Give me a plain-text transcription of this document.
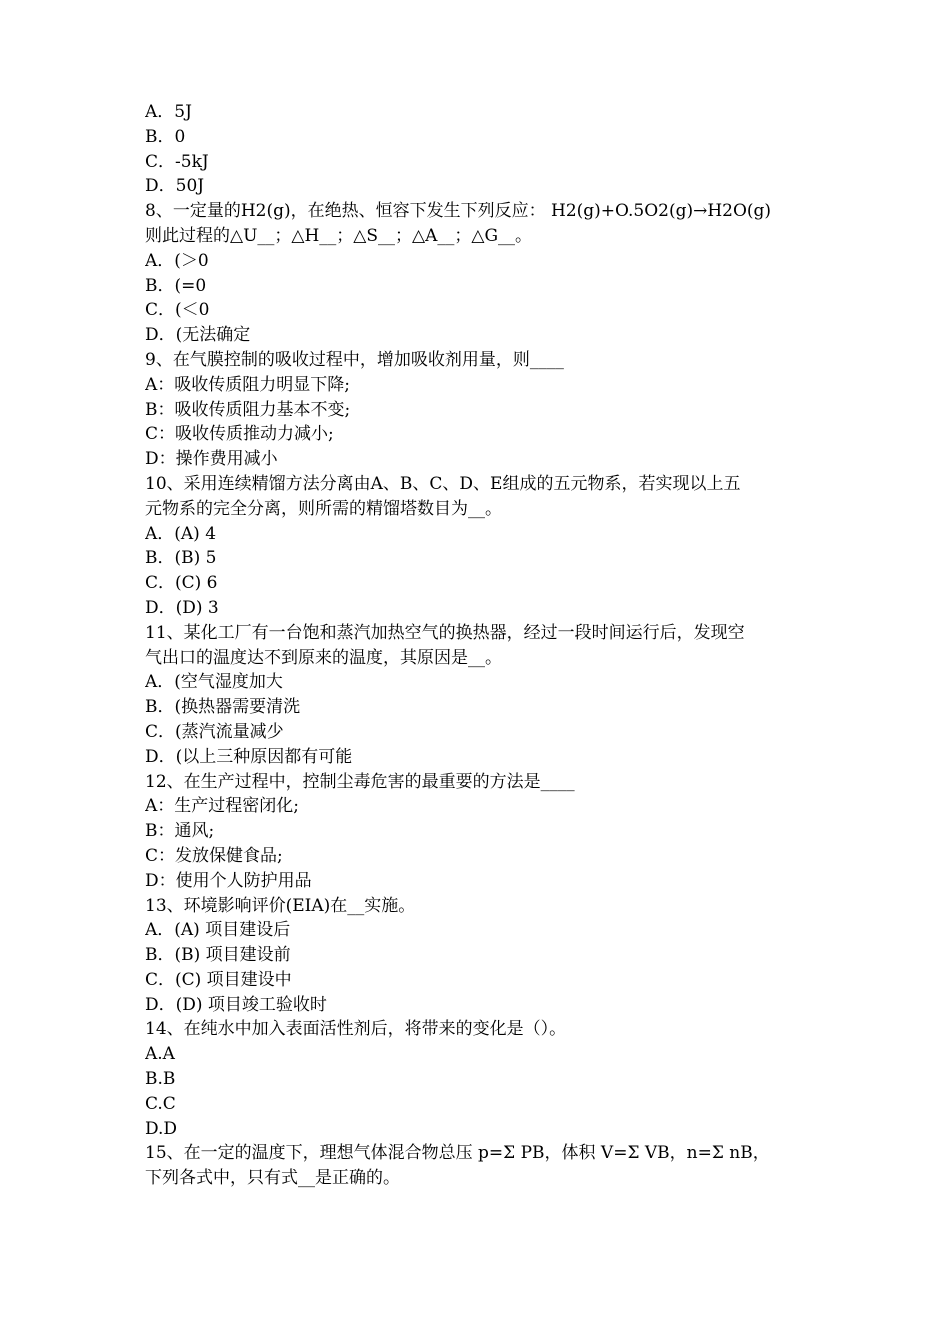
A．5J
B．0
C．-5kJ
D．50J
8、一定量的H2(g)，在绝热、恒容下发生下列反应： H2(g)+O.5O2(g)→H2O(g)
则此过程的△U__；△H__；△S__；△A__；△G__。
A．(＞0
B．(=0
C．(＜0
D．(无法确定
9、在气膜控制的吸收过程中，增加吸收剂用量，则____
A：吸收传质阻力明显下降;
B：吸收传质阻力基本不变;
C：吸收传质推动力减小;
D：操作费用减小
10、采用连续精馏方法分离由A、B、C、D、E组成的五元物系，若实现以上五
元物系的完全分离，则所需的精馏塔数目为__。
A．(A) 4
B．(B) 5
C．(C) 6
D．(D) 3
11、某化工厂有一台饱和蒸汽加热空气的换热器，经过一段时间运行后，发现空
气出口的温度达不到原来的温度，其原因是__。
A．(空气湿度加大
B．(换热器需要清洗
C．(蒸汽流量减少
D．(以上三种原因都有可能
12、在生产过程中，控制尘毒危害的最重要的方法是____
A：生产过程密闭化;
B：通风;
C：发放保健食品;
D：使用个人防护用品
13、环境影响评价(EIA)在__实施。
A．(A) 项目建设后
B．(B) 项目建设前
C．(C) 项目建设中
D．(D) 项目竣工验收时
14、在纯水中加入表面活性剂后，将带来的变化是（）。
A.A
B.B
C.C
D.D
15、在一定的温度下，理想气体混合物总压 p=Σ PB，体积 V=Σ VB，n=Σ nB，
下列各式中，只有式__是正确的。
